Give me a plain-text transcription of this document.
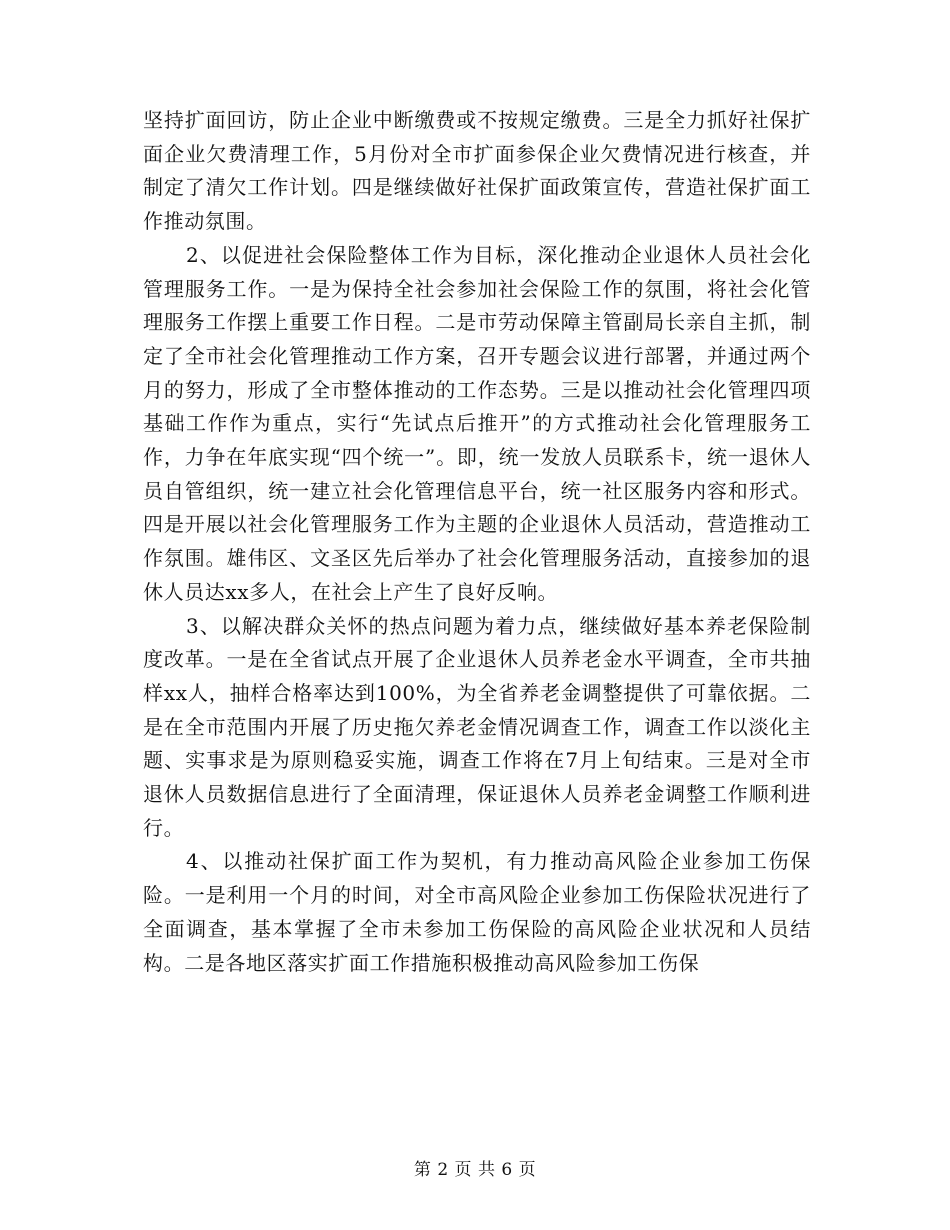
坚持扩面回访，防止企业中断缴费或不按规定缴费。三是全力抓好社保扩面企业欠费清理工作，5月份对全市扩面参保企业欠费情况进行核查，并制定了清欠工作计划。四是继续做好社保扩面政策宣传，营造社保扩面工作推动氛围。

2、以促进社会保险整体工作为目标，深化推动企业退休人员社会化管理服务工作。一是为保持全社会参加社会保险工作的氛围，将社会化管理服务工作摆上重要工作日程。二是市劳动保障主管副局长亲自主抓，制定了全市社会化管理推动工作方案，召开专题会议进行部署，并通过两个月的努力，形成了全市整体推动的工作态势。三是以推动社会化管理四项基础工作作为重点，实行“先试点后推开”的方式推动社会化管理服务工作，力争在年底实现“四个统一”。即，统一发放人员联系卡，统一退休人员自管组织，统一建立社会化管理信息平台，统一社区服务内容和形式。四是开展以社会化管理服务工作为主题的企业退休人员活动，营造推动工作氛围。雄伟区、文圣区先后举办了社会化管理服务活动，直接参加的退休人员达xx多人，在社会上产生了良好反响。

3、以解决群众关怀的热点问题为着力点，继续做好基本养老保险制度改革。一是在全省试点开展了企业退休人员养老金水平调查，全市共抽样xx人，抽样合格率达到100%，为全省养老金调整提供了可靠依据。二是在全市范围内开展了历史拖欠养老金情况调查工作，调查工作以淡化主题、实事求是为原则稳妥实施，调查工作将在7月上旬结束。三是对全市退休人员数据信息进行了全面清理，保证退休人员养老金调整工作顺利进行。

4、以推动社保扩面工作为契机，有力推动高风险企业参加工伤保险。一是利用一个月的时间，对全市高风险企业参加工伤保险状况进行了全面调查，基本掌握了全市未参加工伤保险的高风险企业状况和人员结构。二是各地区落实扩面工作措施积极推动高风险参加工伤保

第 2 页 共 6 页
